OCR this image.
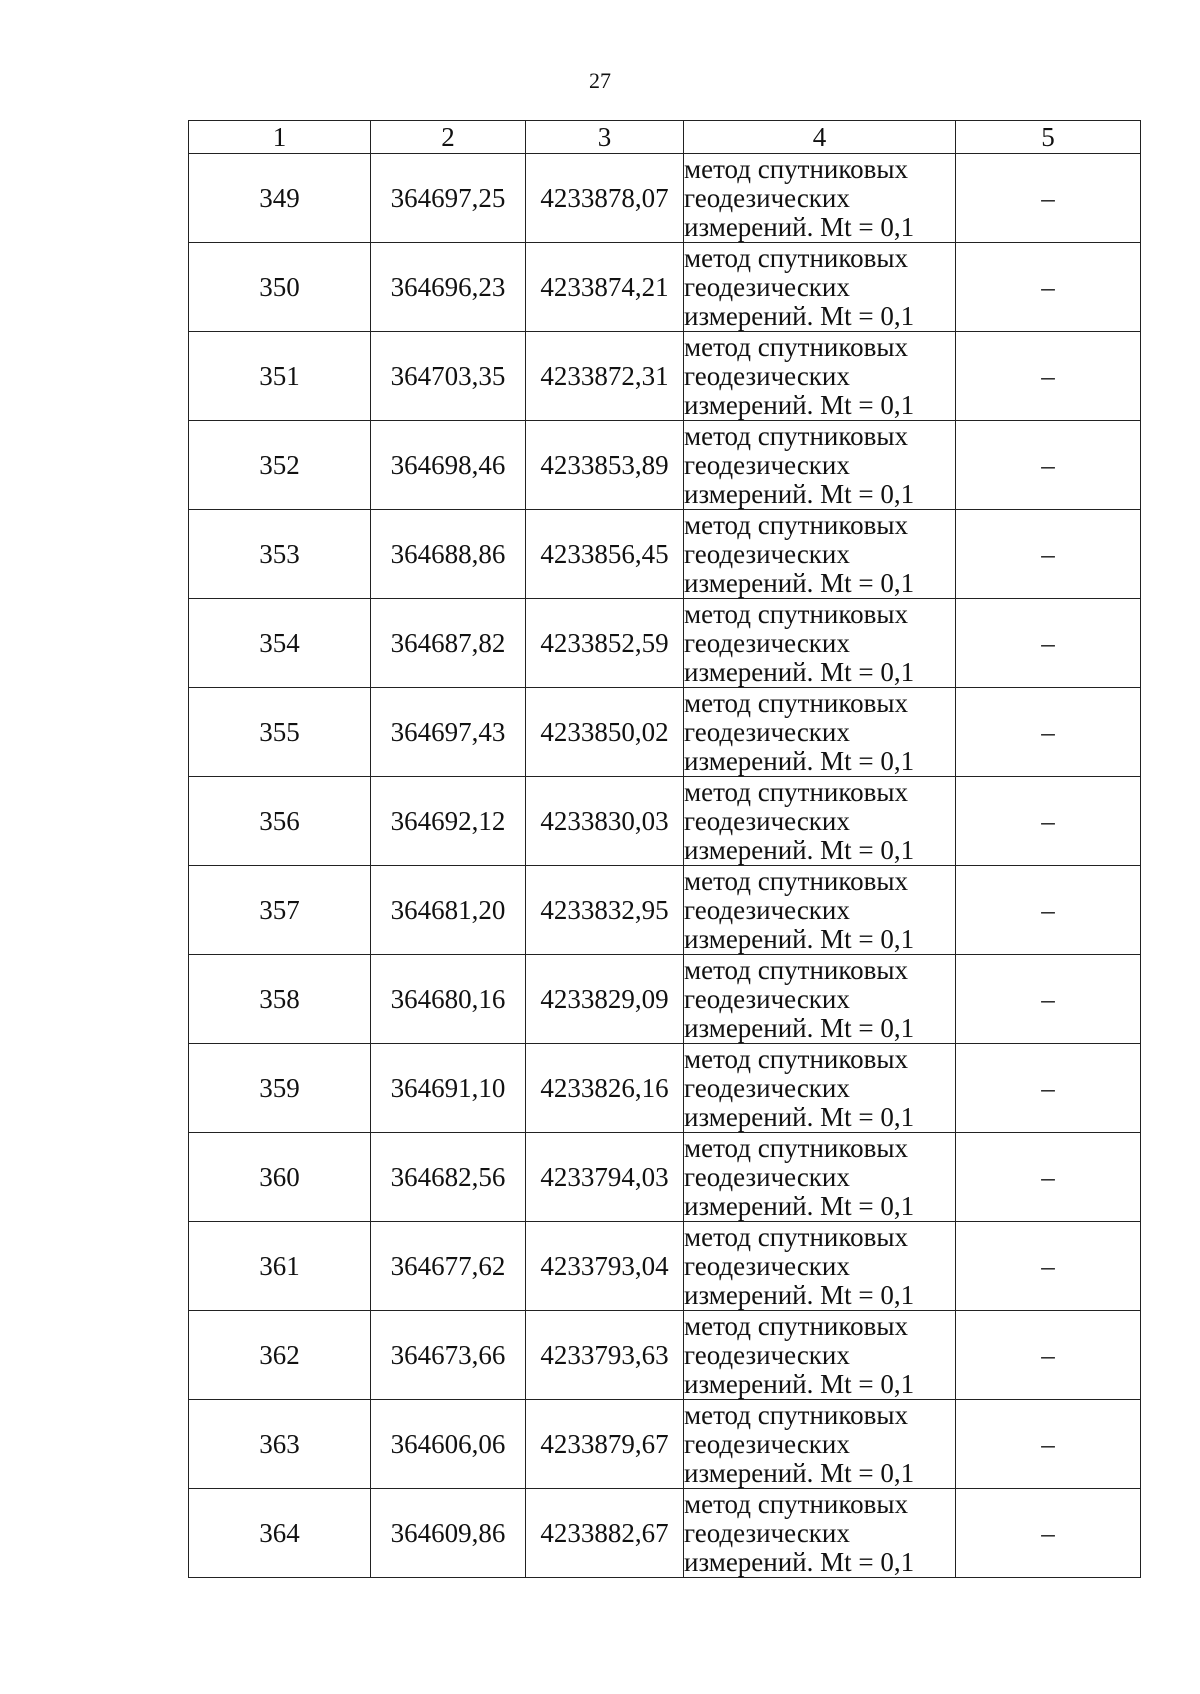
27
1	2	3	4	5
349	364697,25	4233878,07	метод спутниковых
геодезических
измерений. Mt = 0,1	–
350	364696,23	4233874,21	метод спутниковых
геодезических
измерений. Mt = 0,1	–
351	364703,35	4233872,31	метод спутниковых
геодезических
измерений. Mt = 0,1	–
352	364698,46	4233853,89	метод спутниковых
геодезических
измерений. Mt = 0,1	–
353	364688,86	4233856,45	метод спутниковых
геодезических
измерений. Mt = 0,1	–
354	364687,82	4233852,59	метод спутниковых
геодезических
измерений. Mt = 0,1	–
355	364697,43	4233850,02	метод спутниковых
геодезических
измерений. Mt = 0,1	–
356	364692,12	4233830,03	метод спутниковых
геодезических
измерений. Mt = 0,1	–
357	364681,20	4233832,95	метод спутниковых
геодезических
измерений. Mt = 0,1	–
358	364680,16	4233829,09	метод спутниковых
геодезических
измерений. Mt = 0,1	–
359	364691,10	4233826,16	метод спутниковых
геодезических
измерений. Mt = 0,1	–
360	364682,56	4233794,03	метод спутниковых
геодезических
измерений. Mt = 0,1	–
361	364677,62	4233793,04	метод спутниковых
геодезических
измерений. Mt = 0,1	–
362	364673,66	4233793,63	метод спутниковых
геодезических
измерений. Mt = 0,1	–
363	364606,06	4233879,67	метод спутниковых
геодезических
измерений. Mt = 0,1	–
364	364609,86	4233882,67	метод спутниковых
геодезических
измерений. Mt = 0,1	–
